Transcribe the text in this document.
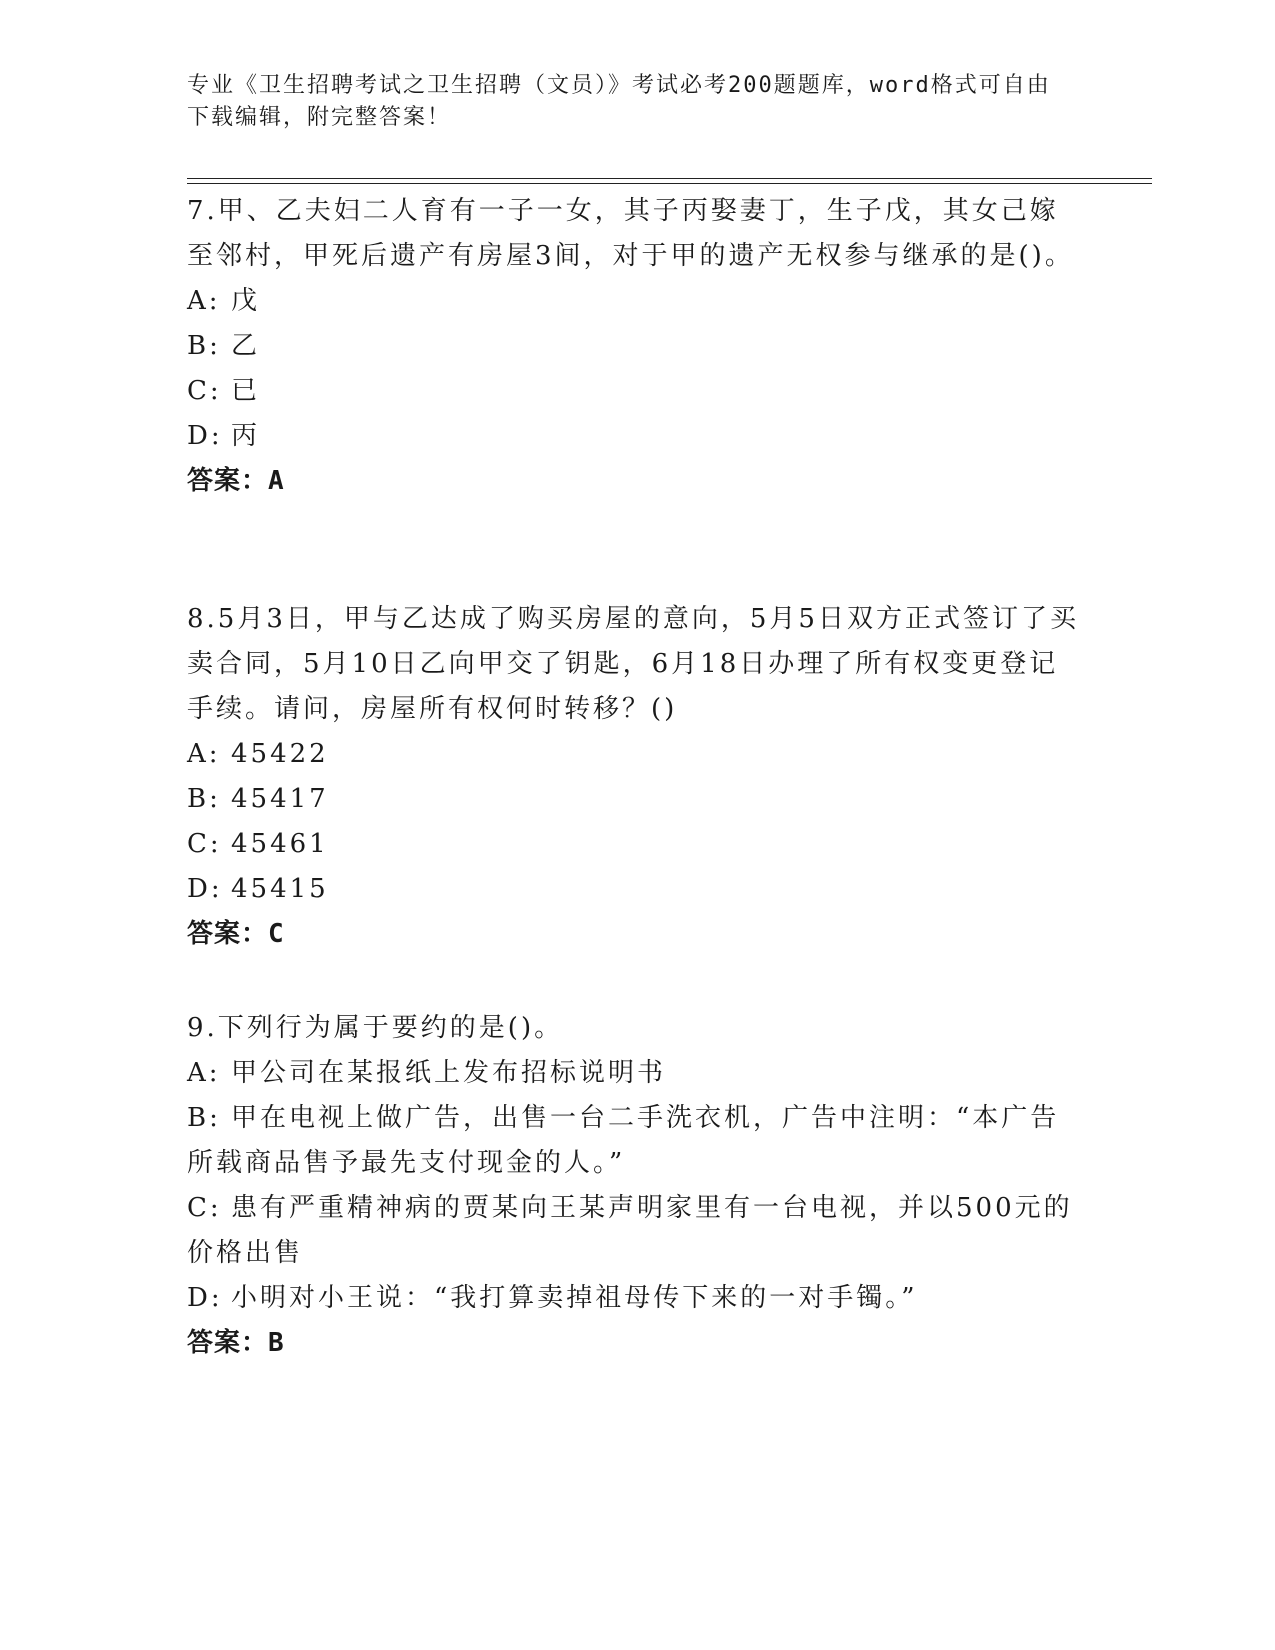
专业《卫生招聘考试之卫生招聘（文员）》考试必考200题题库，word格式可自由下载编辑，附完整答案！

7.甲、乙夫妇二人育有一子一女，其子丙娶妻丁，生子戊，其女己嫁至邻村，甲死后遗产有房屋3间，对于甲的遗产无权参与继承的是()。

A: 戊

B: 乙

C: 已

D: 丙

答案：A

8.5月3日，甲与乙达成了购买房屋的意向，5月5日双方正式签订了买卖合同，5月10日乙向甲交了钥匙，6月18日办理了所有权变更登记手续。请问，房屋所有权何时转移？()

A: 45422

B: 45417

C: 45461

D: 45415

答案：C

9.下列行为属于要约的是()。

A: 甲公司在某报纸上发布招标说明书

B: 甲在电视上做广告，出售一台二手洗衣机，广告中注明：“本广告所载商品售予最先支付现金的人。”

C: 患有严重精神病的贾某向王某声明家里有一台电视，并以500元的价格出售

D: 小明对小王说：“我打算卖掉祖母传下来的一对手镯。”

答案：B
